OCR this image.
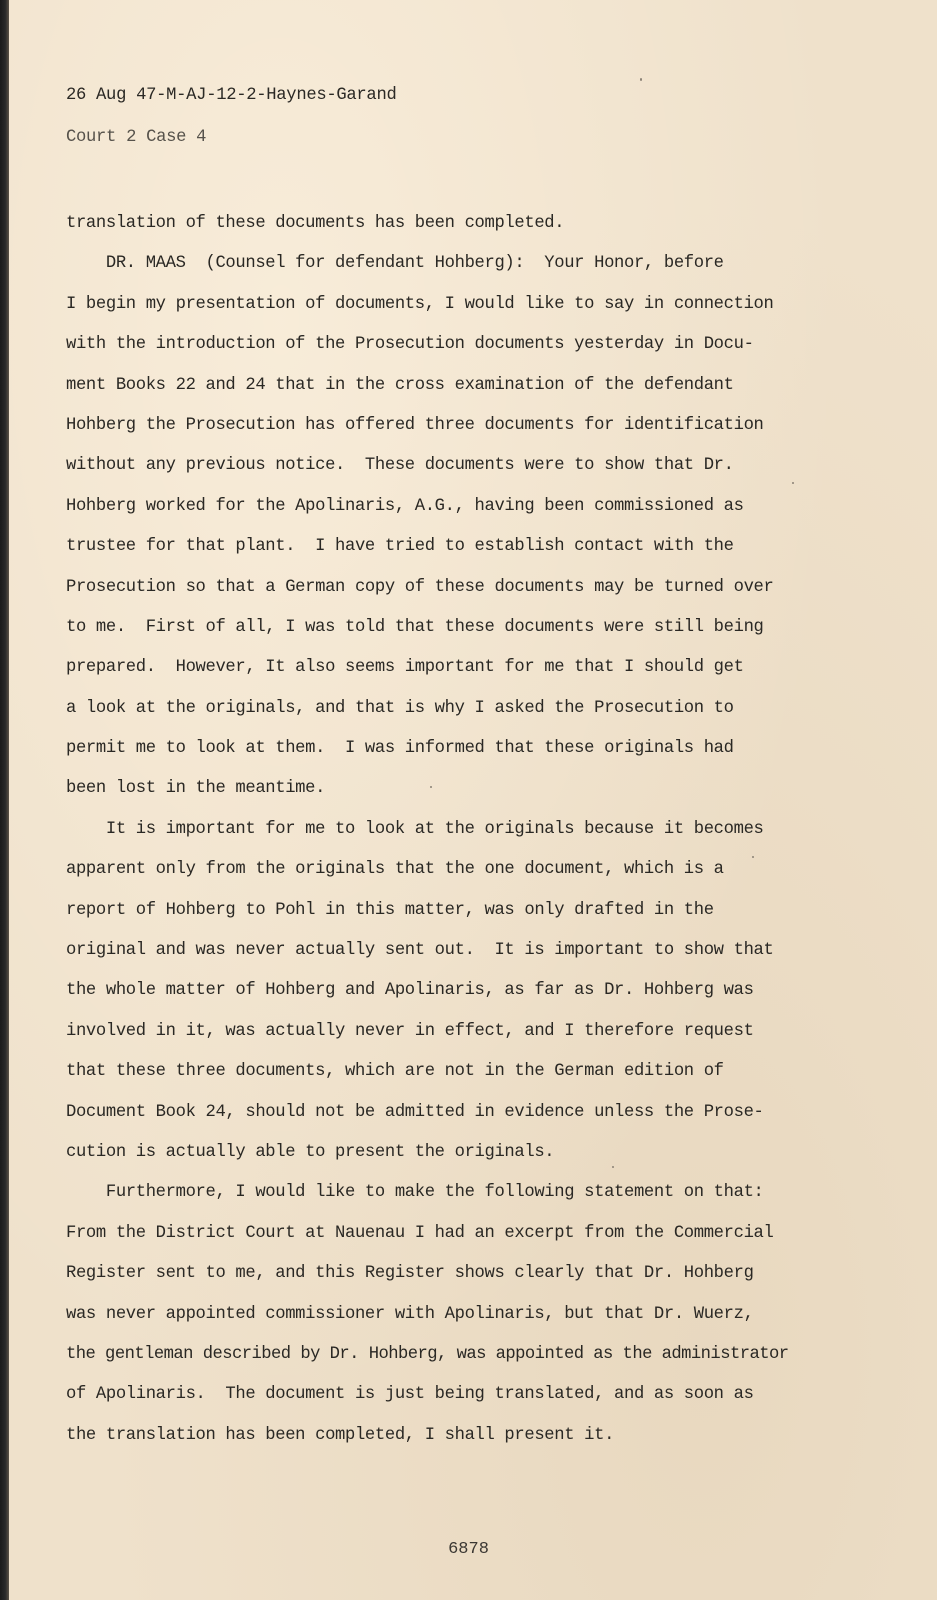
26 Aug 47-M-AJ-12-2-Haynes-Garand
Court 2 Case 4
translation of these documents has been completed.
DR. MAAS  (Counsel for defendant Hohberg):  Your Honor, before
I begin my presentation of documents, I would like to say in connection
with the introduction of the Prosecution documents yesterday in Docu-
ment Books 22 and 24 that in the cross examination of the defendant
Hohberg the Prosecution has offered three documents for identification
without any previous notice.  These documents were to show that Dr.
Hohberg worked for the Apolinaris, A.G., having been commissioned as
trustee for that plant.  I have tried to establish contact with the
Prosecution so that a German copy of these documents may be turned over
to me.  First of all, I was told that these documents were still being
prepared.  However, It also seems important for me that I should get
a look at the originals, and that is why I asked the Prosecution to
permit me to look at them.  I was informed that these originals had
been lost in the meantime.
It is important for me to look at the originals because it becomes
apparent only from the originals that the one document, which is a
report of Hohberg to Pohl in this matter, was only drafted in the
original and was never actually sent out.  It is important to show that
the whole matter of Hohberg and Apolinaris, as far as Dr. Hohberg was
involved in it, was actually never in effect, and I therefore request
that these three documents, which are not in the German edition of
Document Book 24, should not be admitted in evidence unless the Prose-
cution is actually able to present the originals.
Furthermore, I would like to make the following statement on that:
From the District Court at Nauenau I had an excerpt from the Commercial
Register sent to me, and this Register shows clearly that Dr. Hohberg
was never appointed commissioner with Apolinaris, but that Dr. Wuerz,
the gentleman described by Dr. Hohberg, was appointed as the administrator
of Apolinaris.  The document is just being translated, and as soon as
the translation has been completed, I shall present it.
6878
